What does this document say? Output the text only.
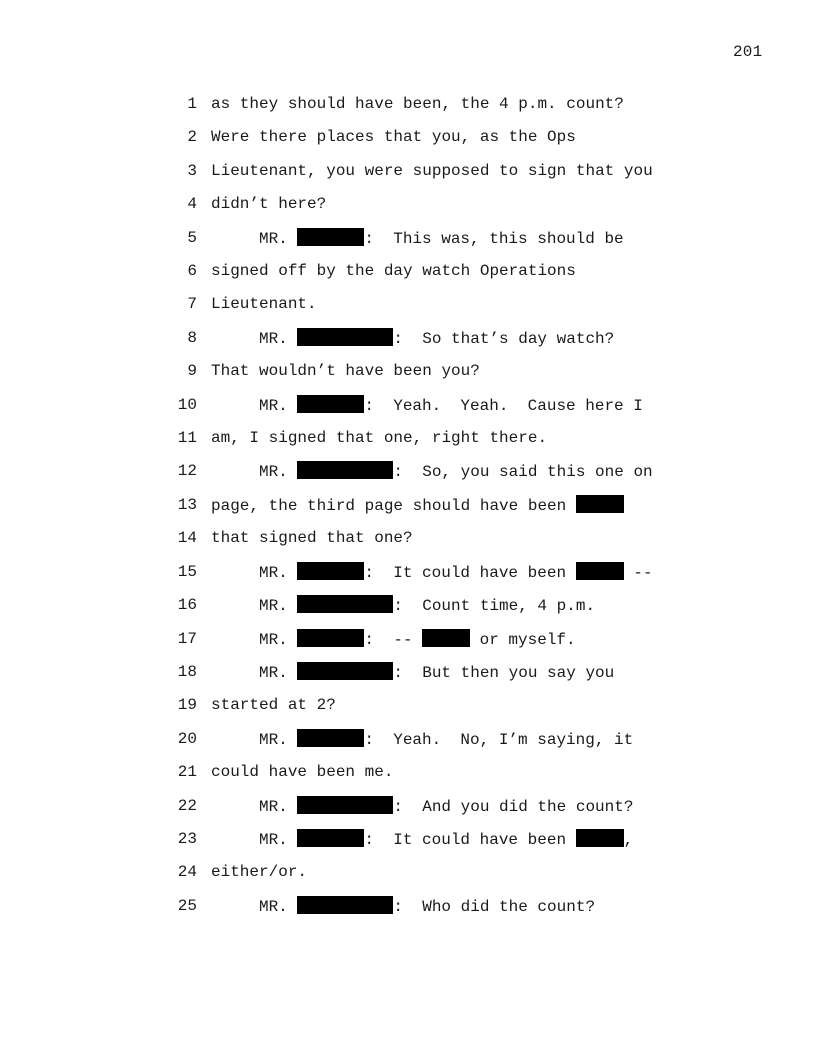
201

1

as they should have been, the 4 p.m. count?

2

Were there places that you, as the Ops

3

Lieutenant, you were supposed to sign that you

4

didn’t here?

5

	MR.	:  This was, this should be

6

signed off by the day watch Operations

7

Lieutenant.

8

	MR.	:  So that’s day watch?

9

That wouldn’t have been you?

10

	MR.	:  Yeah.  Yeah.  Cause here I

11

am, I signed that one, right there.

12

	MR.	:  So, you said this one on

13

page, the third page should have been

14

that signed that one?

15

	MR.	:  It could have been	--

16

	MR.	:  Count time, 4 p.m.

17

	MR.	:  --	or myself.

18

	MR.	:  But then you say you

19

started at 2?

20

	MR.	:  Yeah.  No, I’m saying, it

21

could have been me.

22

	MR.	:  And you did the count?

23

	MR.	:  It could have been	,

24

either/or.

25

	MR.	:  Who did the count?
